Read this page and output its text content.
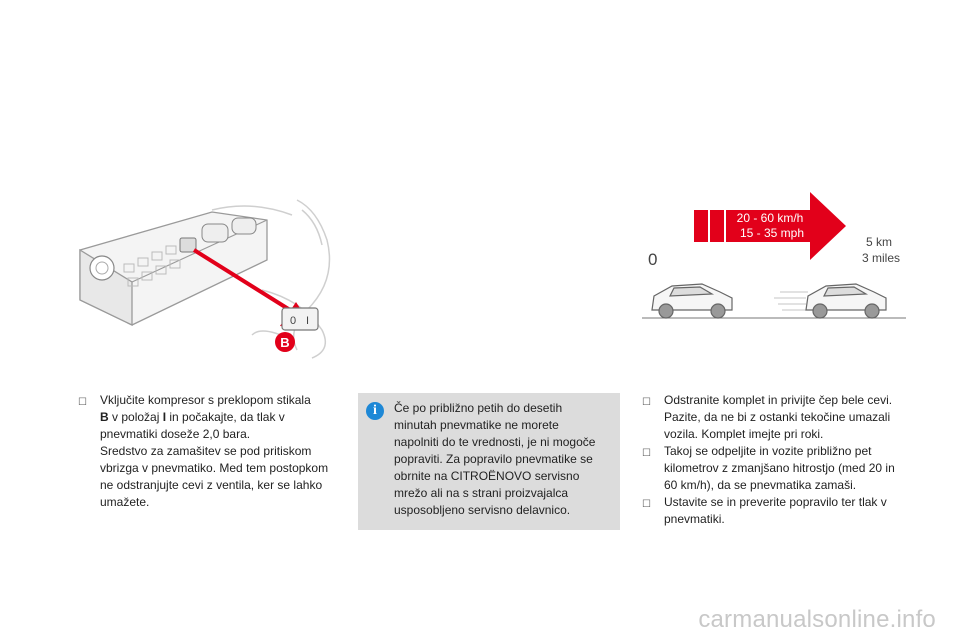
0 I
B
20 - 60 km/h
15 - 35 mph
0
5 km
3 miles
☐	Vključite kompresor s preklopom stikala
B v položaj I in počakajte, da tlak v
pnevmatiki doseže 2,0 bara.
Sredstvo za zamašitev se pod pritiskom
vbrizga v pnevmatiko. Med tem postopkom
ne odstranjujte cevi z ventila, ker se lahko
umažete.
i	Če po približno petih do desetih
minutah pnevmatike ne morete
napolniti do te vrednosti, je ni mogoče
popraviti. Za popravilo pnevmatike se
obrnite na CITROËNOVO servisno
mrežo ali na s strani proizvajalca
usposobljeno servisno delavnico.
☐	Odstranite komplet in privijte čep bele cevi.
Pazite, da ne bi z ostanki tekočine umazali
vozila. Komplet imejte pri roki.
☐	Takoj se odpeljite in vozite približno pet
kilometrov z zmanjšano hitrostjo (med 20 in
60 km/h), da se pnevmatika zamaši.
☐	Ustavite se in preverite popravilo ter tlak v
pnevmatiki.
carmanualsonline.info
